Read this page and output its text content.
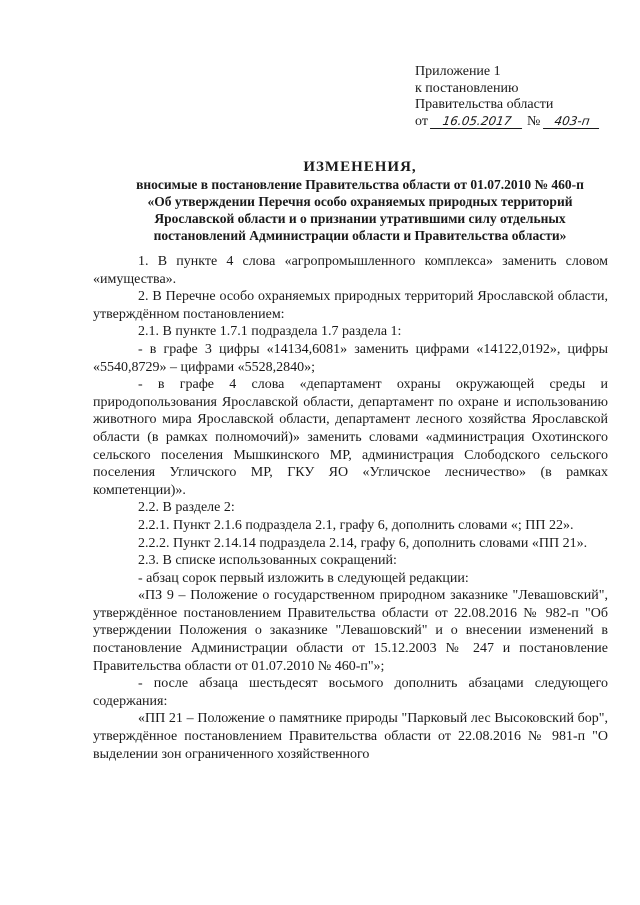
Приложение 1
к постановлению
Правительства области
от 16.05.2017 № 403-п
ИЗМЕНЕНИЯ,
вносимые в постановление Правительства области от 01.07.2010 № 460-п
«Об утверждении Перечня особо охраняемых природных территорий
Ярославской области и о признании утратившими силу отдельных
постановлений Администрации области и Правительства области»

1. В пункте 4 слова «агропромышленного комплекса» заменить словом «имущества».

2. В Перечне особо охраняемых природных территорий Ярославской области, утверждённом постановлением:

2.1. В пункте 1.7.1 подраздела 1.7 раздела 1:

- в графе 3 цифры «14134,6081» заменить цифрами «14122,0192», цифры «5540,8729» – цифрами «5528,2840»;

- в графе 4 слова «департамент охраны окружающей среды и природопользования Ярославской области, департамент по охране и использованию животного мира Ярославской области, департамент лесного хозяйства Ярославской области (в рамках полномочий)» заменить словами «администрация Охотинского сельского поселения Мышкинского МР, администрация Слободского сельского поселения Угличского МР, ГКУ ЯО «Угличское лесничество» (в рамках компетенции)».

2.2. В разделе 2:

2.2.1. Пункт 2.1.6 подраздела 2.1, графу 6, дополнить словами «; ПП 22».

2.2.2. Пункт 2.14.14 подраздела 2.14, графу 6, дополнить словами «ПП 21».

2.3. В списке использованных сокращений:

- абзац сорок первый изложить в следующей редакции:

«ПЗ 9 – Положение о государственном природном заказнике "Левашовский", утверждённое постановлением Правительства области от 22.08.2016 № 982-п "Об утверждении Положения о заказнике "Левашовский" и о внесении изменений в постановление Администрации области от 15.12.2003 № 247 и постановление Правительства области от 01.07.2010 № 460-п"»;

- после абзаца шестьдесят восьмого дополнить абзацами следующего содержания:

«ПП 21 – Положение о памятнике природы "Парковый лес Высоковский бор", утверждённое постановлением Правительства области от 22.08.2016 № 981-п "О выделении зон ограниченного хозяйственного
